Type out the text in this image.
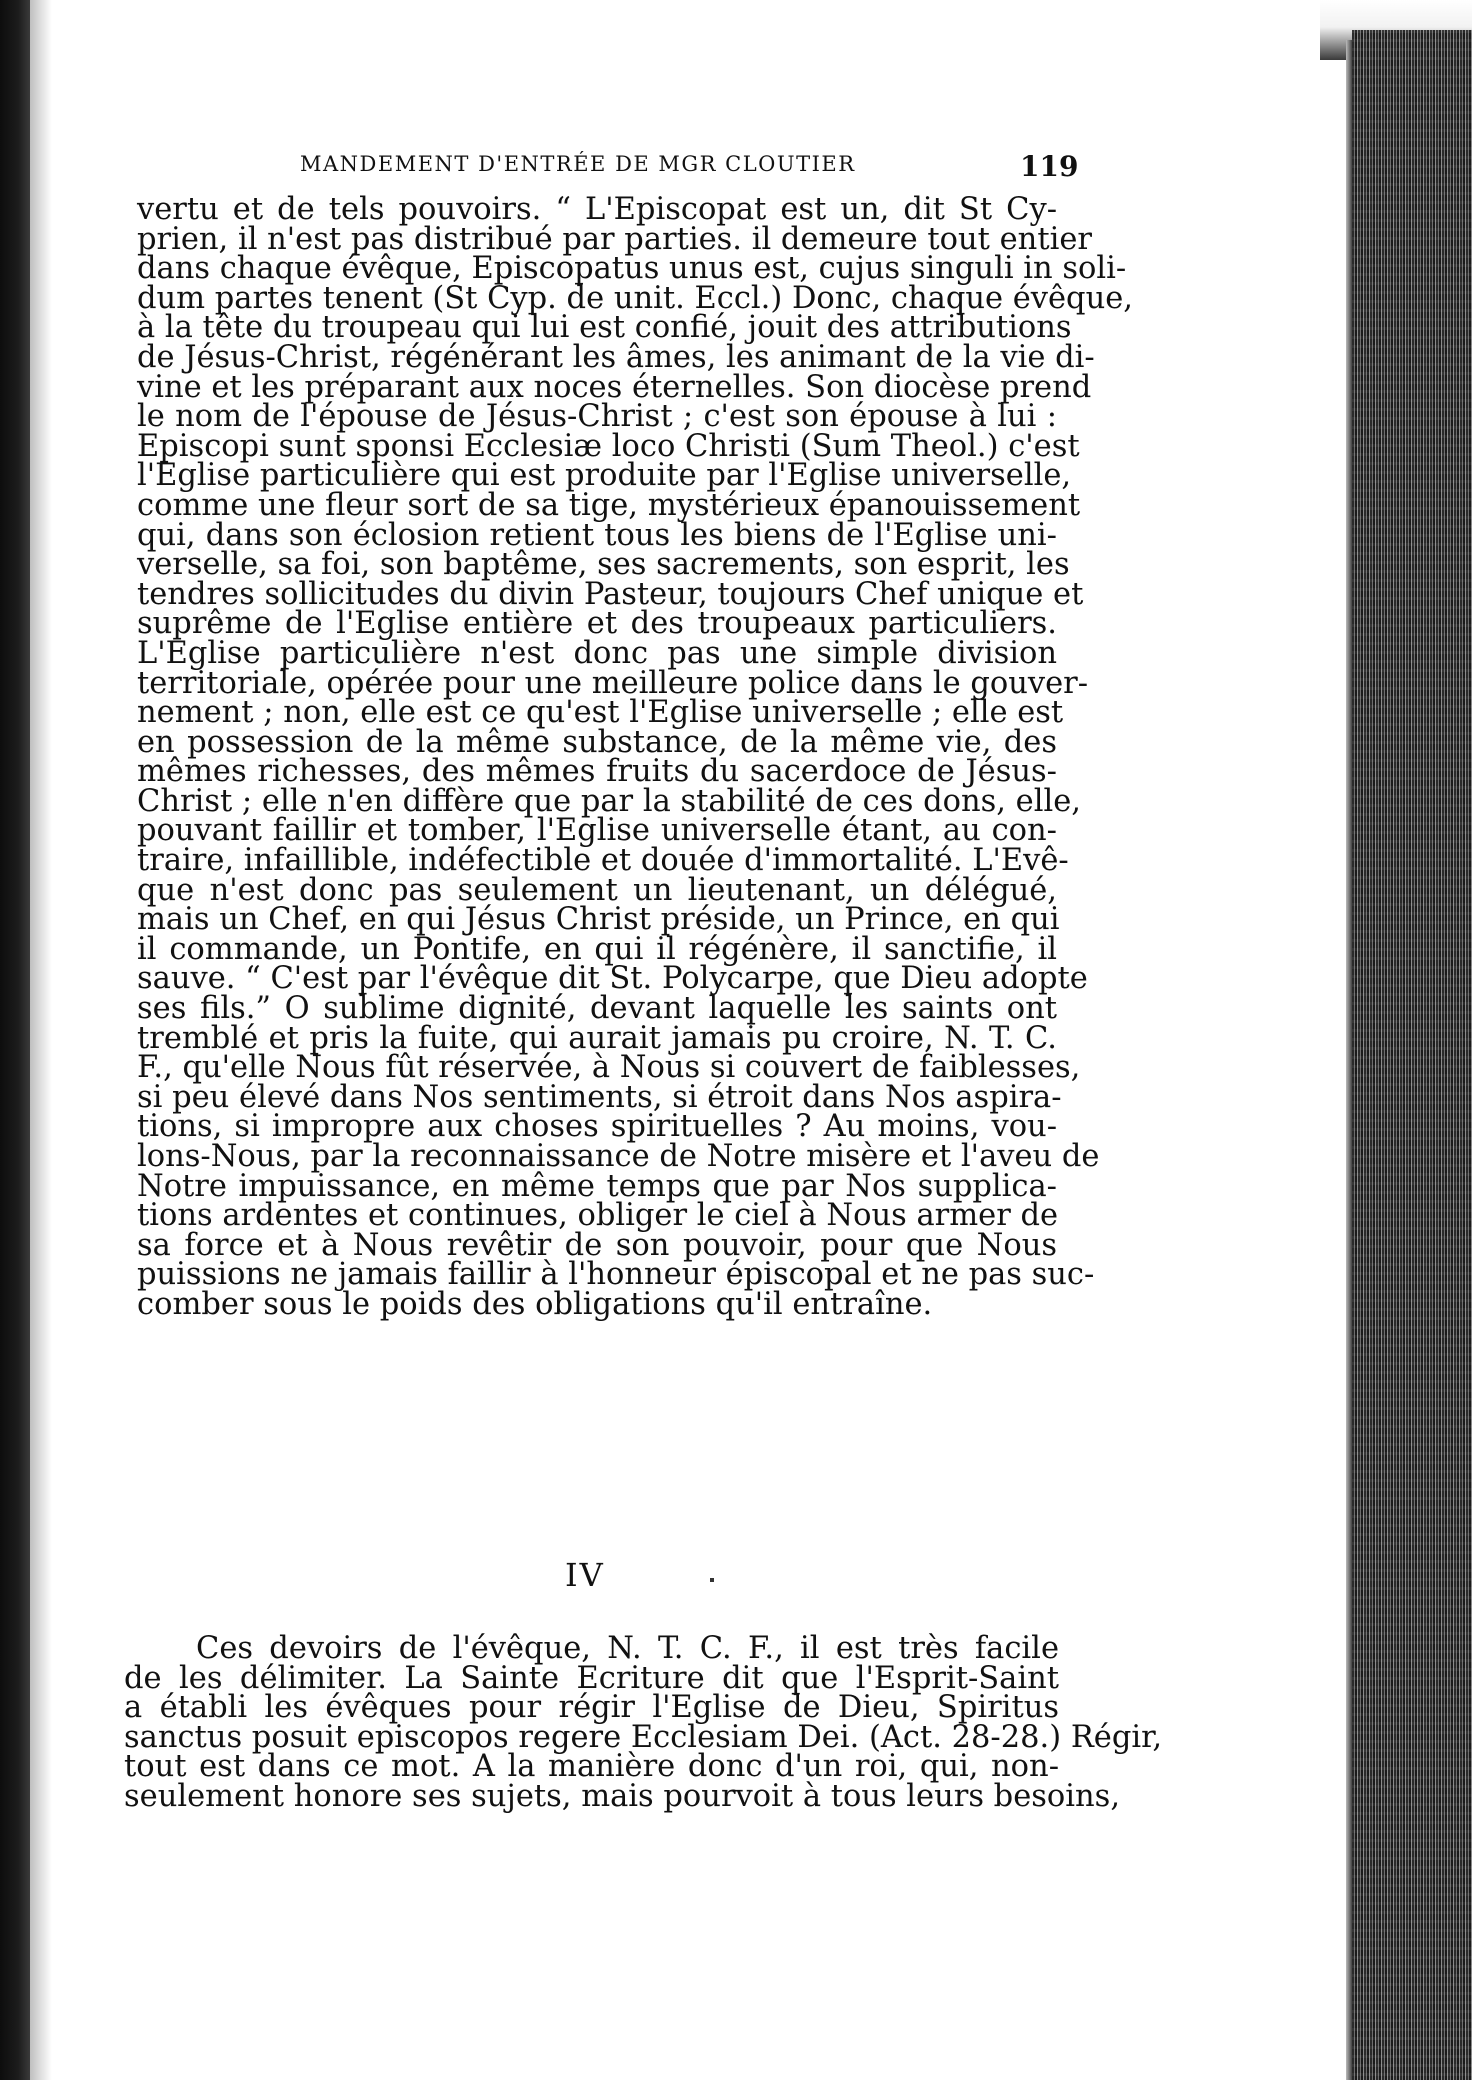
MANDEMENT D'ENTRÉE DE MGR CLOUTIER	119
vertu et de tels pouvoirs. “ L'Episcopat est un, dit St Cy-
prien, il n'est pas distribué par parties. il demeure tout entier
dans chaque évêque, Episcopatus unus est, cujus singuli in soli-
dum partes tenent (St Cyp. de unit. Eccl.) Donc, chaque évêque,
à la tête du troupeau qui lui est confié, jouit des attributions
de Jésus-Christ, régénérant les âmes, les animant de la vie di-
vine et les préparant aux noces éternelles. Son diocèse prend
le nom de l'épouse de Jésus-Christ ; c'est son épouse à lui :
Episcopi sunt sponsi Ecclesiæ loco Christi (Sum Theol.) c'est
l'Eglise particulière qui est produite par l'Eglise universelle,
comme une fleur sort de sa tige, mystérieux épanouissement
qui, dans son éclosion retient tous les biens de l'Eglise uni-
verselle, sa foi, son baptême, ses sacrements, son esprit, les
tendres sollicitudes du divin Pasteur, toujours Chef unique et
suprême de l'Eglise entière et des troupeaux particuliers.
L'Eglise particulière n'est donc pas une simple division
territoriale, opérée pour une meilleure police dans le gouver-
nement ; non, elle est ce qu'est l'Eglise universelle ; elle est
en possession de la même substance, de la même vie, des
mêmes richesses, des mêmes fruits du sacerdoce de Jésus-
Christ ; elle n'en diffère que par la stabilité de ces dons, elle,
pouvant faillir et tomber, l'Eglise universelle étant, au con-
traire, infaillible, indéfectible et douée d'immortalité. L'Evê-
que n'est donc pas seulement un lieutenant, un délégué,
mais un Chef, en qui Jésus Christ préside, un Prince, en qui
il commande, un Pontife, en qui il régénère, il sanctifie, il
sauve. “ C'est par l'évêque dit St. Polycarpe, que Dieu adopte
ses fils.” O sublime dignité, devant laquelle les saints ont
tremblé et pris la fuite, qui aurait jamais pu croire, N. T. C.
F., qu'elle Nous fût réservée, à Nous si couvert de faiblesses,
si peu élevé dans Nos sentiments, si étroit dans Nos aspira-
tions, si impropre aux choses spirituelles ? Au moins, vou-
lons-Nous, par la reconnaissance de Notre misère et l'aveu de
Notre impuissance, en même temps que par Nos supplica-
tions ardentes et continues, obliger le ciel à Nous armer de
sa force et à Nous revêtir de son pouvoir, pour que Nous
puissions ne jamais faillir à l'honneur épiscopal et ne pas suc-
comber sous le poids des obligations qu'il entraîne.
IV
Ces devoirs de l'évêque, N. T. C. F., il est très facile
de les délimiter. La Sainte Ecriture dit que l'Esprit-Saint
a établi les évêques pour régir l'Eglise de Dieu, Spiritus
sanctus posuit episcopos regere Ecclesiam Dei. (Act. 28-28.) Régir,
tout est dans ce mot. A la manière donc d'un roi, qui, non-
seulement honore ses sujets, mais pourvoit à tous leurs besoins,
